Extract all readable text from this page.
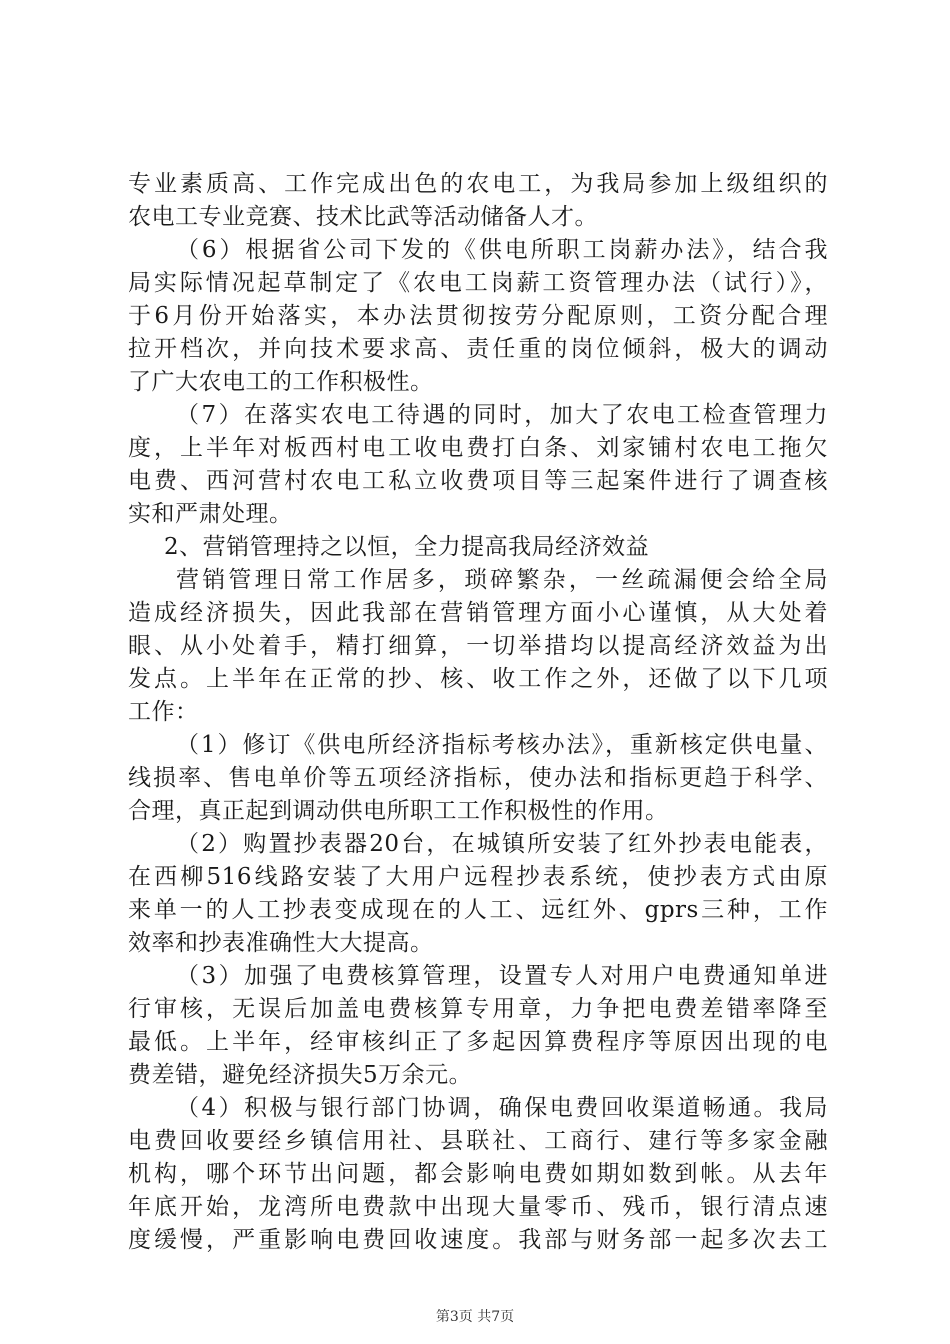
专业素质高、工作完成出色的农电工，为我局参加上级组织的
农电工专业竞赛、技术比武等活动储备人才。
（6）根据省公司下发的《供电所职工岗薪办法》，结合我
局实际情况起草制定了《农电工岗薪工资管理办法（试行）》，
于6月份开始落实，本办法贯彻按劳分配原则，工资分配合理
拉开档次，并向技术要求高、责任重的岗位倾斜，极大的调动
了广大农电工的工作积极性。
（7）在落实农电工待遇的同时，加大了农电工检查管理力
度，上半年对板西村电工收电费打白条、刘家铺村农电工拖欠
电费、西河营村农电工私立收费项目等三起案件进行了调查核
实和严肃处理。
2、营销管理持之以恒，全力提高我局经济效益
营销管理日常工作居多，琐碎繁杂，一丝疏漏便会给全局
造成经济损失，因此我部在营销管理方面小心谨慎，从大处着
眼、从小处着手，精打细算，一切举措均以提高经济效益为出
发点。上半年在正常的抄、核、收工作之外，还做了以下几项
工作：
（1）修订《供电所经济指标考核办法》，重新核定供电量、
线损率、售电单价等五项经济指标，使办法和指标更趋于科学、
合理，真正起到调动供电所职工工作积极性的作用。
（2）购置抄表器20台，在城镇所安装了红外抄表电能表，
在西柳516线路安装了大用户远程抄表系统，使抄表方式由原
来单一的人工抄表变成现在的人工、远红外、gprs三种，工作
效率和抄表准确性大大提高。
（3）加强了电费核算管理，设置专人对用户电费通知单进
行审核，无误后加盖电费核算专用章，力争把电费差错率降至
最低。上半年，经审核纠正了多起因算费程序等原因出现的电
费差错，避免经济损失5万余元。
（4）积极与银行部门协调，确保电费回收渠道畅通。我局
电费回收要经乡镇信用社、县联社、工商行、建行等多家金融
机构，哪个环节出问题，都会影响电费如期如数到帐。从去年
年底开始，龙湾所电费款中出现大量零币、残币，银行清点速
度缓慢，严重影响电费回收速度。我部与财务部一起多次去工
第3页 共7页
